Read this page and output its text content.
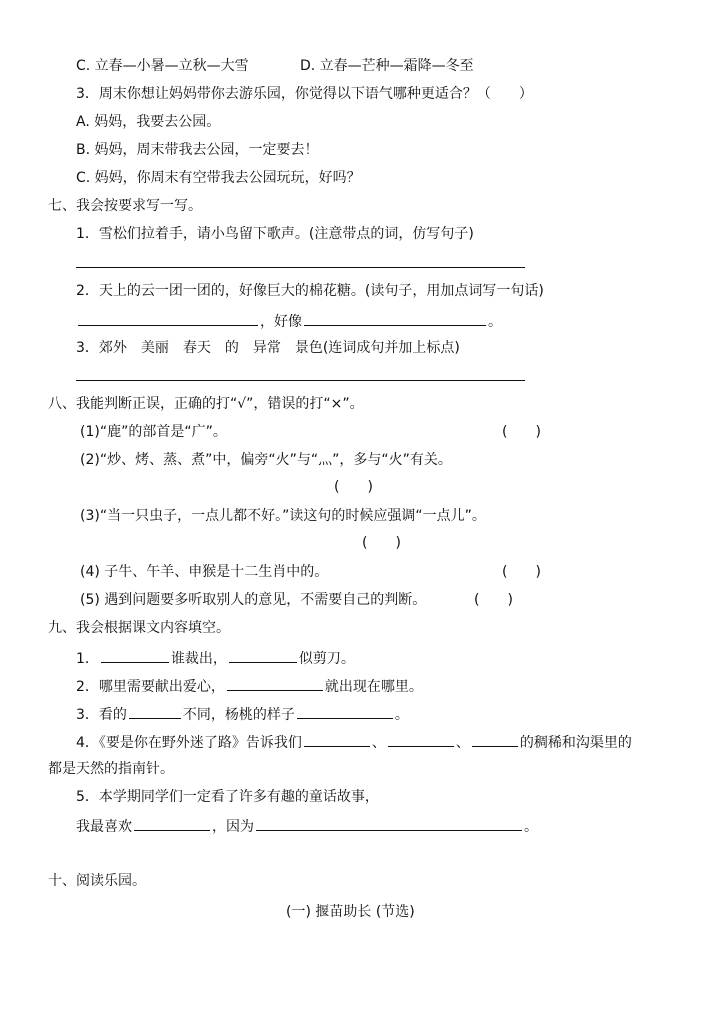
C. 立春—小暑—立秋—大雪	D. 立春—芒种—霜降—冬至
3．周末你想让妈妈带你去游乐园，你觉得以下语气哪种更适合？（　　）
A. 妈妈，我要去公园。
B. 妈妈，周末带我去公园，一定要去！
C. 妈妈，你周末有空带我去公园玩玩，好吗？
七、我会按要求写一写。
1．雪松们拉着手，请小鸟留下歌声。(注意带点的词，仿写句子)
2．天上的云一团一团的，好像巨大的棉花糖。(读句子，用加点词写一句话)
，好像	。
3．郊外　美丽　春天　的　异常　景色(连词成句并加上标点)
八、我能判断正误，正确的打“√”，错误的打“×”。
(1)“鹿”的部首是“广”。	(　　)
(2)“炒、烤、蒸、煮”中，偏旁“火”与“灬”，多与“火”有关。
(　　)
(3)“当一只虫子，一点儿都不好。”读这句的时候应强调“一点儿”。
(　　)
(4) 子牛、午羊、申猴是十二生肖中的。	(　　)
(5) 遇到问题要多听取别人的意见，不需要自己的判断。	(　　)
九、我会根据课文内容填空。
1．	谁裁出，	似剪刀。
2．哪里需要献出爱心，	就出现在哪里。
3．看的	不同，杨桃的样子	。
4．《要是你在野外迷了路》告诉我们	、	、	的稠稀和沟渠里的
都是天然的指南针。
5．本学期同学们一定看了许多有趣的童话故事，
我最喜欢	，因为	。
十、阅读乐园。
(一) 揠苗助长 (节选)
